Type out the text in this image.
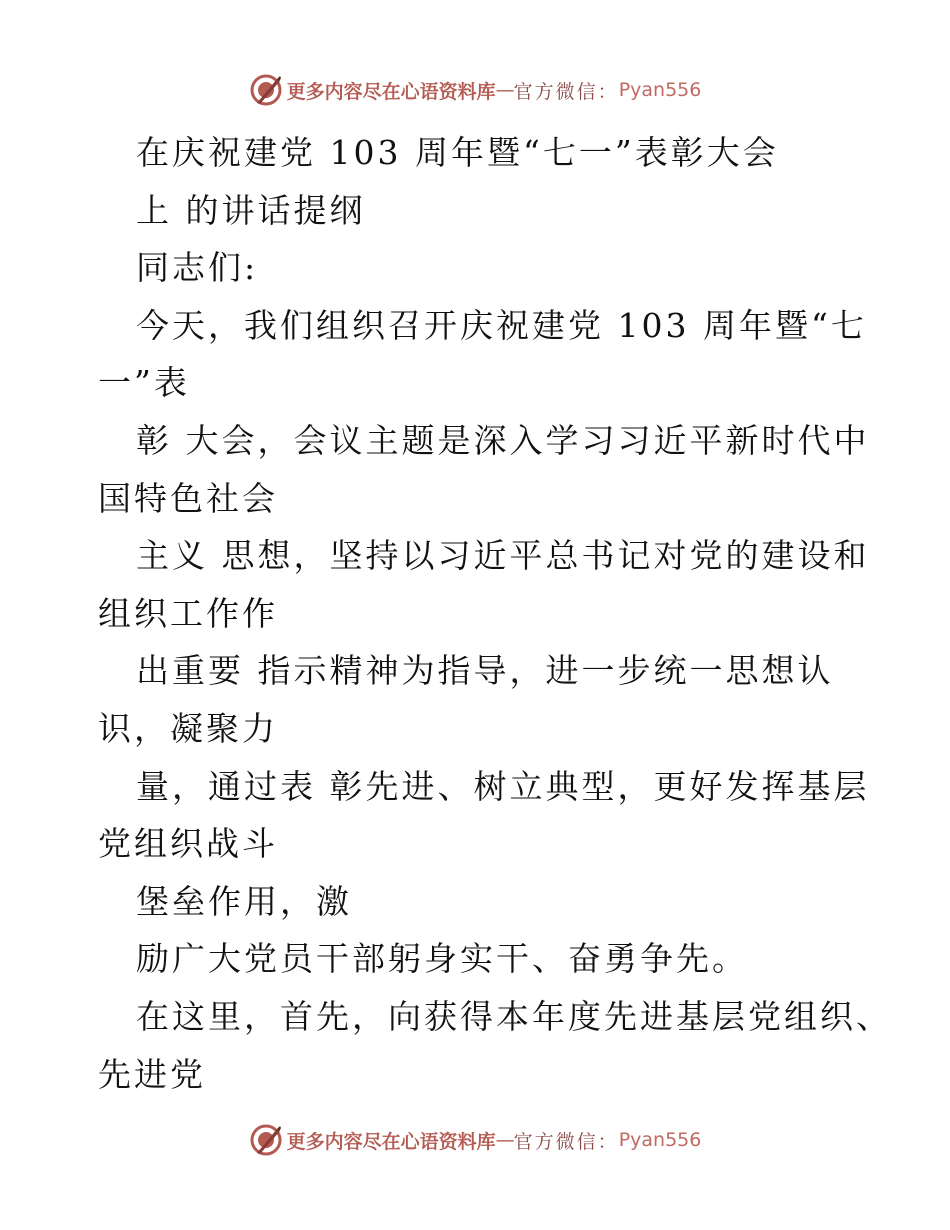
更多内容尽在心语资料库 — 官方微信： Pyan556
在庆祝建党 103 周年暨“七一”表彰大会
上 的讲话提纲
同志们:
今天，我们组织召开庆祝建党 103 周年暨“七
一”表
彰 大会，会议主题是深入学习习近平新时代中
国特色社会
主义 思想，坚持以习近平总书记对党的建设和
组织工作作
出重要 指示精神为指导，进一步统一思想认
识，凝聚力
量，通过表 彰先进、树立典型，更好发挥基层
党组织战斗
堡垒作用，激
励广大党员干部躬身实干、奋勇争先。
在这里，首先，向获得本年度先进基层党组织、
先进党
更多内容尽在心语资料库 — 官方微信： Pyan556
